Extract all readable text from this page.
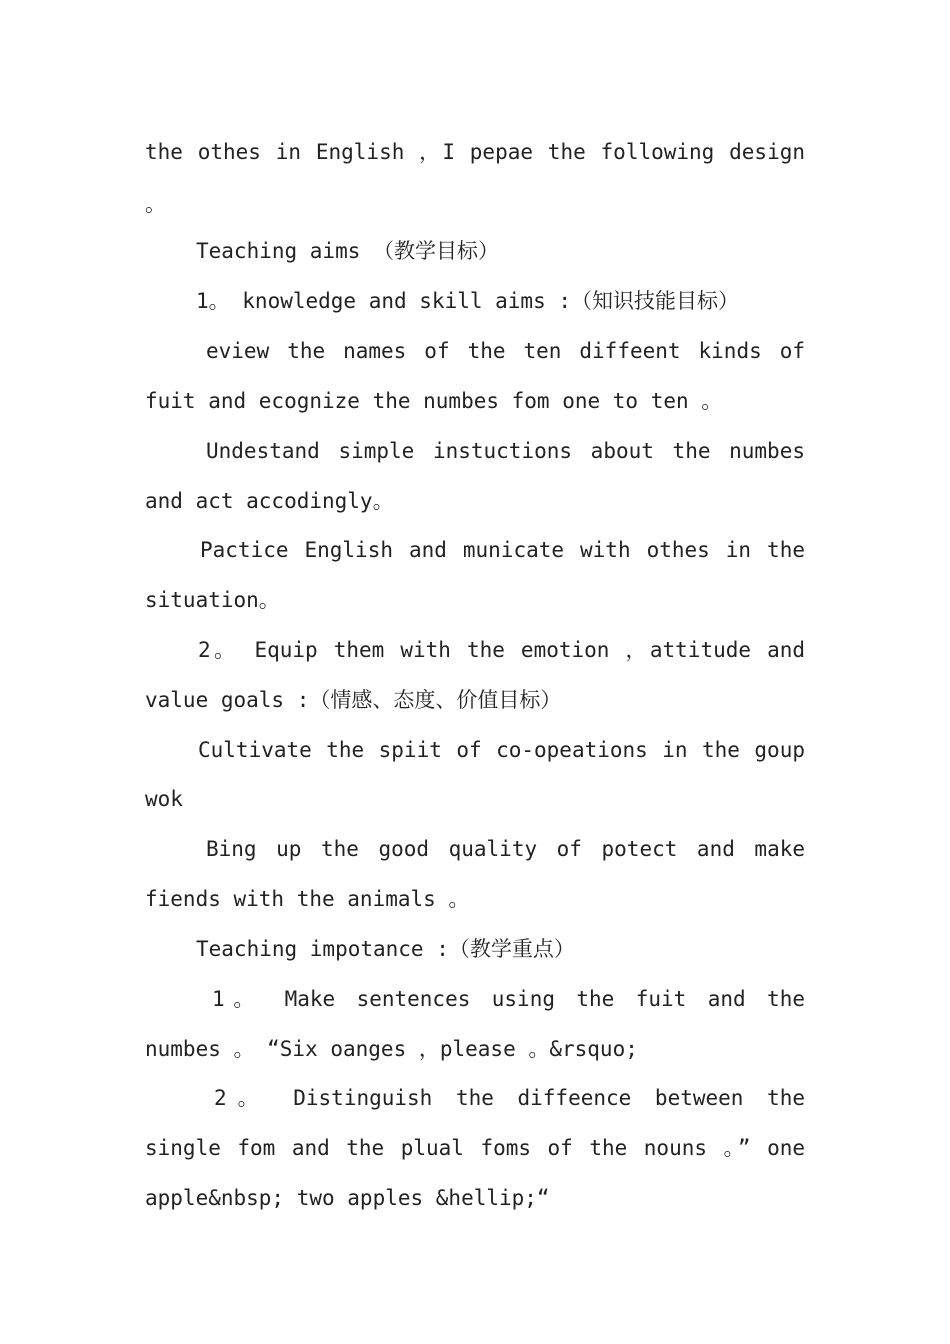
the othes in English ，I pepae the following design
。
Teaching aims （教学目标）
1。 knowledge and skill aims :（知识技能目标）
eview the names of the ten diffeent kinds of
fuit and ecognize the numbes fom one to ten 。
Undestand simple instuctions about the numbes
and act accodingly。
Pactice English and municate with othes in the
situation。
2。 Equip them with the emotion ，attitude and
value goals :（情感、态度、价值目标）
Cultivate the spiit of co-opeations in the goup
wok
Bing up the good quality of potect and make
fiends with the animals 。
Teaching impotance :（教学重点）
1。 Make sentences using the fuit and the
numbes 。 “Six oanges ，please 。&rsquo;
2。 Distinguish the diffeence between the
single fom and the plual foms of the nouns 。” one
apple&nbsp; two apples &hellip;“
